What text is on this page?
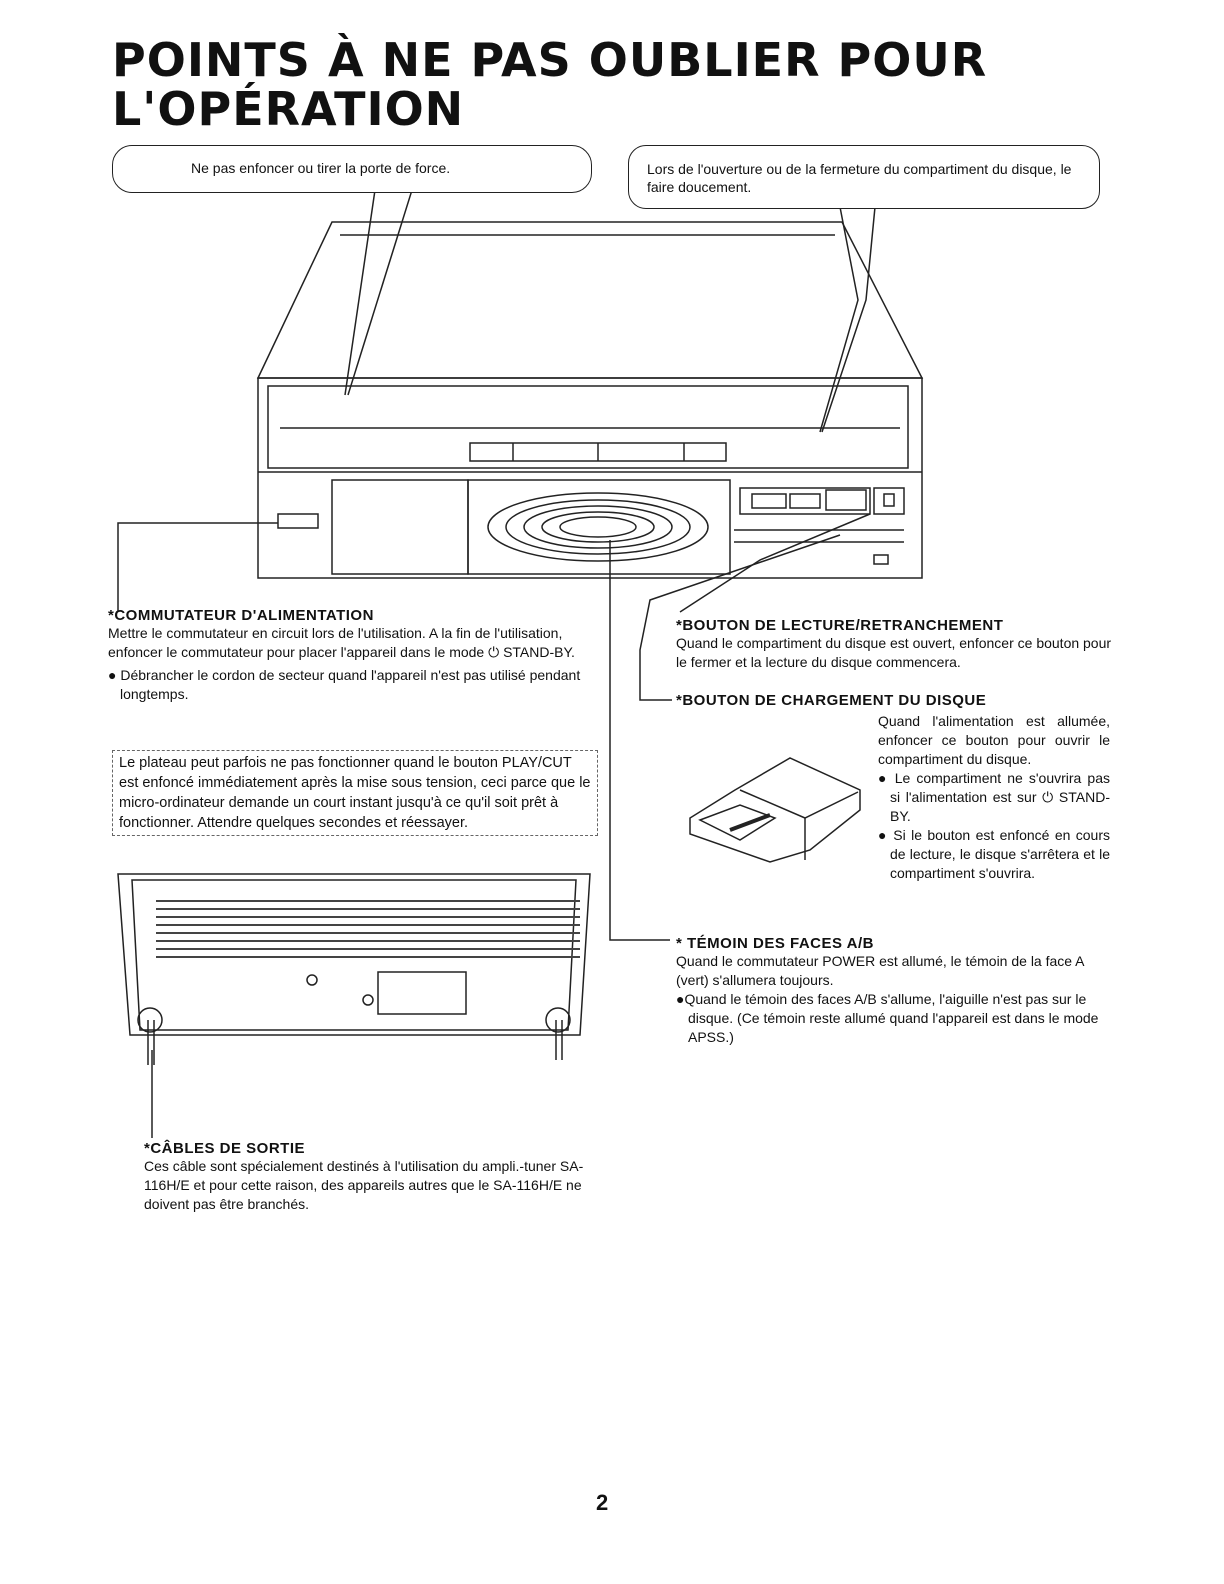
POINTS À NE PAS OUBLIER POUR L'OPÉRATION
Ne pas enfoncer ou tirer la porte de force.	Lors de l'ouverture ou de la fermeture du compartiment du disque, le faire doucement.

*COMMUTATEUR D'ALIMENTATION

Mettre le commutateur en circuit lors de l'utilisation. A la fin de l'utilisation, enfoncer le commutateur pour placer l'appareil dans le mode ⏻ STAND-BY.

● Débrancher le cordon de secteur quand l'appareil n'est pas utilisé pendant longtemps.

Le plateau peut parfois ne pas fonctionner quand le bouton PLAY/CUT est enfoncé immédiatement après la mise sous tension, ceci parce que le micro-ordinateur demande un court instant jusqu'à ce qu'il soit prêt à fonctionner. Attendre quelques secondes et réessayer.

*BOUTON DE LECTURE/RETRANCHEMENT

Quand le compartiment du disque est ouvert, enfoncer ce bouton pour le fermer et la lecture du disque commencera.

*BOUTON DE CHARGEMENT DU DISQUE

Quand l'alimentation est allumée, enfoncer ce bouton pour ouvrir le compartiment du disque.

● Le compartiment ne s'ouvrira pas si l'alimentation est sur ⏻ STAND-BY.

● Si le bouton est enfoncé en cours de lecture, le disque s'arrêtera et le compartiment s'ouvrira.

* TÉMOIN DES FACES A/B

Quand le commutateur POWER est allumé, le témoin de la face A (vert) s'allumera toujours.

●Quand le témoin des faces A/B s'allume, l'aiguille n'est pas sur le disque. (Ce témoin reste allumé quand l'appareil est dans le mode APSS.)

*CÂBLES DE SORTIE

Ces câble sont spécialement destinés à l'utilisation du ampli.-tuner SA-116H/E et pour cette raison, des appareils autres que le SA-116H/E ne doivent pas être branchés.

2
